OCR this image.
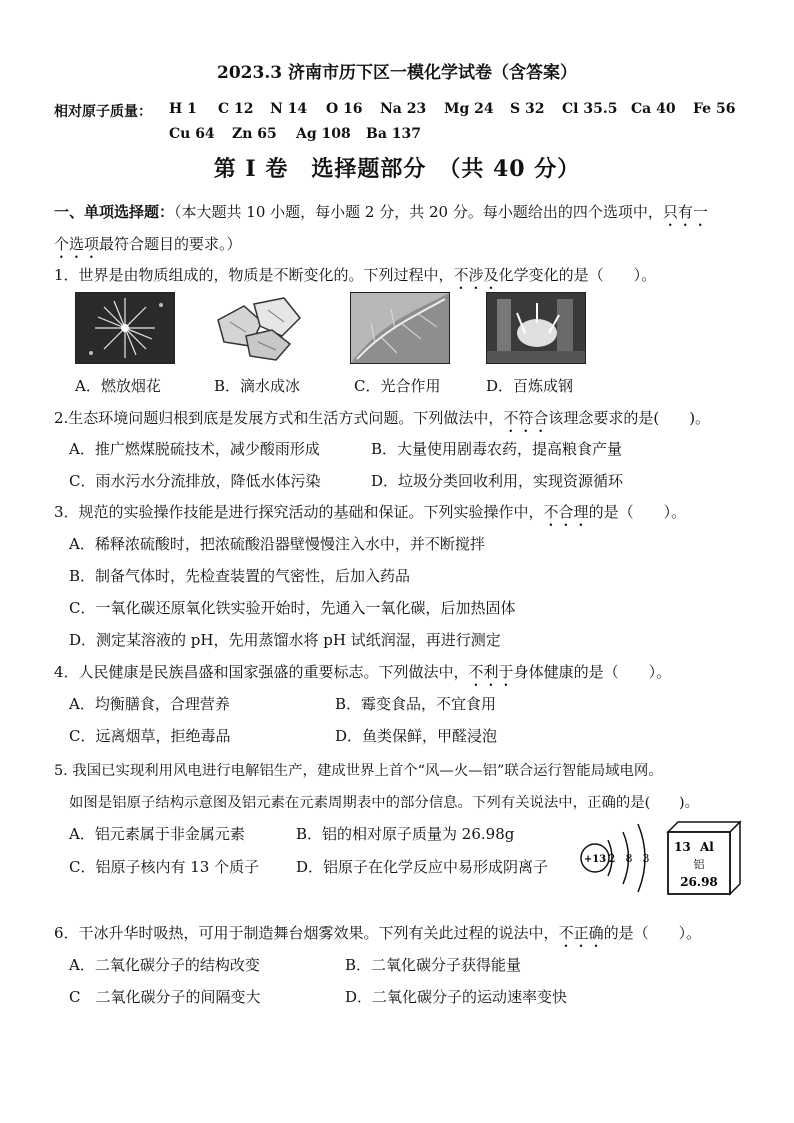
2023.3 济南市历下区一模化学试卷（含答案）
相对原子质量： H 1 C 12 N 14 O 16 Na 23 Mg 24 S 32 Cl 35.5 Ca 40 Fe 56
Cu 64 Zn 65 Ag 108 Ba 137
第 I 卷　选择题部分　（共 40 分）
一、单项选择题：（本大题共 10 小题，每小题 2 分，共 20 分。每小题给出的四个选项中，只有一
个选项最符合题目的要求。）
1．世界是由物质组成的，物质是不断变化的。下列过程中，不涉及化学变化的是（　　）。
A．燃放烟花	B．滴水成冰	C．光合作用	D．百炼成钢
2.生态环境问题归根到底是发展方式和生活方式问题。下列做法中，不符合该理念要求的是(　　)。
A．推广燃煤脱硫技术，减少酸雨形成	B．大量使用剧毒农药，提高粮食产量
C．雨水污水分流排放，降低水体污染	D．垃圾分类回收利用，实现资源循环
3．规范的实验操作技能是进行探究活动的基础和保证。下列实验操作中，不合理的是（　　）。
A．稀释浓硫酸时，把浓硫酸沿器壁慢慢注入水中，并不断搅拌
B．制备气体时，先检查装置的气密性，后加入药品
C．一氧化碳还原氧化铁实验开始时，先通入一氧化碳，后加热固体
D．测定某溶液的 pH，先用蒸馏水将 pH 试纸润湿，再进行测定
4．人民健康是民族昌盛和国家强盛的重要标志。下列做法中，不利于身体健康的是（　　）。
A．均衡膳食，合理营养	B．霉变食品，不宜食用
C．远离烟草，拒绝毒品	D．鱼类保鲜，甲醛浸泡
5. 我国已实现利用风电进行电解铝生产，建成世界上首个“风—火—铝”联合运行智能局域电网。
如图是铝原子结构示意图及铝元素在元素周期表中的部分信息。下列有关说法中，正确的是(　　)。
A．铝元素属于非金属元素	B．铝的相对原子质量为 26.98g
C．铝原子核内有 13 个质子 D．铝原子在化学反应中易形成阴离子	+13 2 8 3
13 Al
铝
26.98
6．干冰升华时吸热，可用于制造舞台烟雾效果。下列有关此过程的说法中，不正确的是（　　）。
A．二氧化碳分子的结构改变	B．二氧化碳分子获得能量
C　二氧化碳分子的间隔变大	D．二氧化碳分子的运动速率变快
